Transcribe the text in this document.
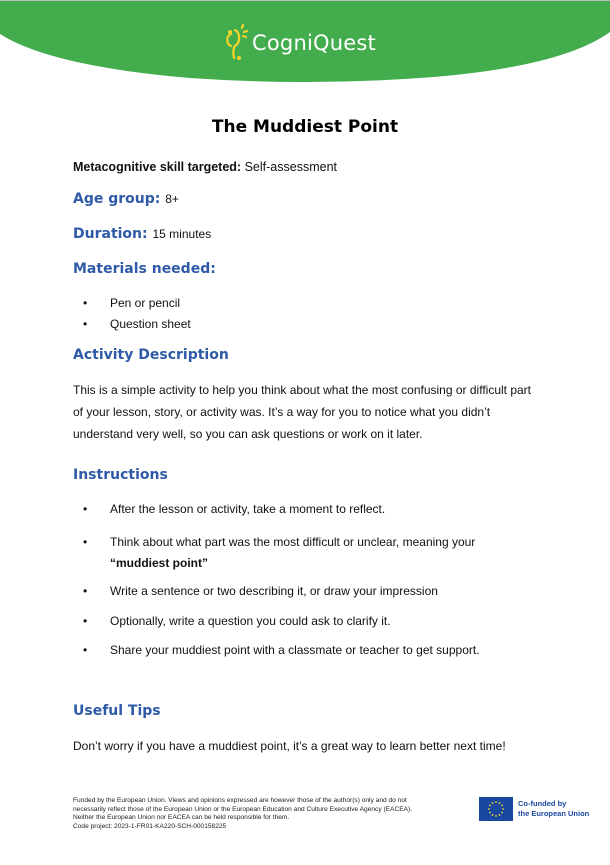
CogniQuest
The Muddiest Point
Metacognitive skill targeted: Self-assessment
Age group: 8+
Duration: 15 minutes
Materials needed:
• Pen or pencil
• Question sheet
Activity Description
This is a simple activity to help you think about what the most confusing or difficult part of your lesson, story, or activity was. It’s a way for you to notice what you didn’t understand very well, so you can ask questions or work on it later.
Instructions
• After the lesson or activity, take a moment to reflect.
• Think about what part was the most difficult or unclear, meaning your
“muddiest point”
• Write a sentence or two describing it, or draw your impression
• Optionally, write a question you could ask to clarify it.
• Share your muddiest point with a classmate or teacher to get support.
Useful Tips
Don’t worry if you have a muddiest point, it’s a great way to learn better next time!
Funded by the European Union. Views and opinions expressed are however those of the author(s) only and do not
necessarily reflect those of the European Union or the European Education and Culture Executive Agency (EACEA).
Neither the European Union nor EACEA can be held responsible for them.
Code project: 2023-1-FR01-KA220-SCH-000158225
Co-funded by
the European Union
